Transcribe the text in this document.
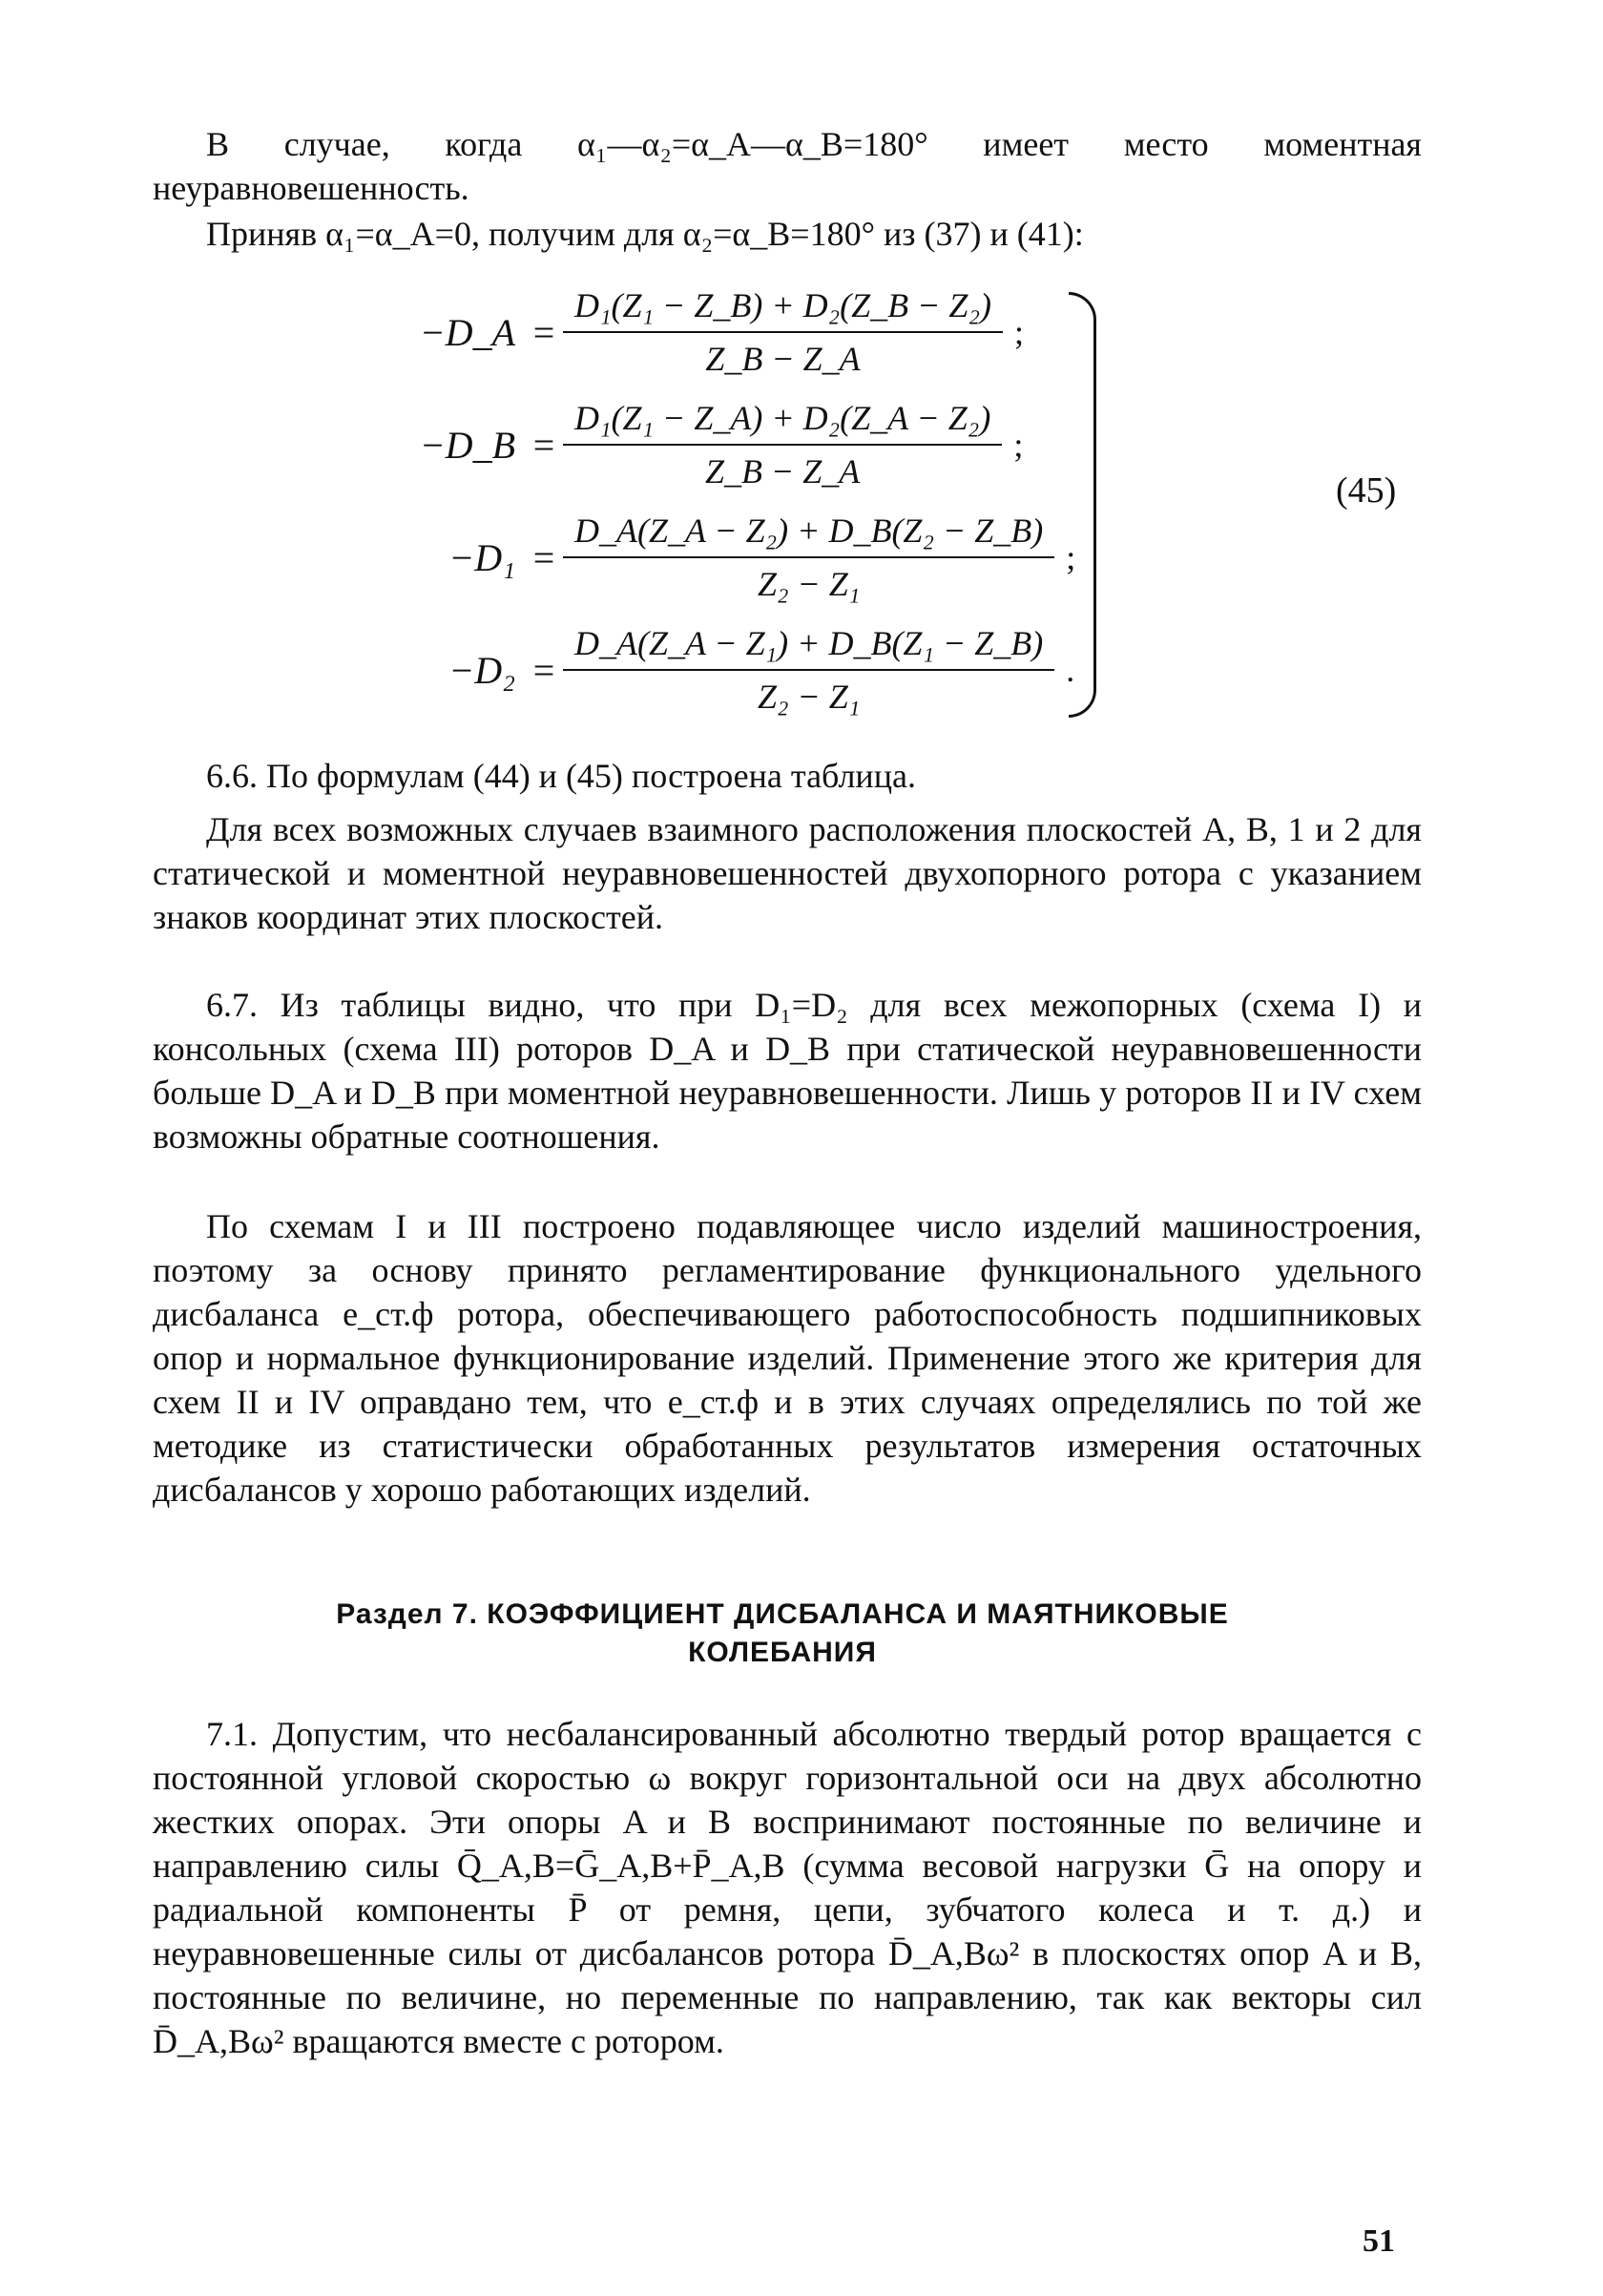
В случае, когда α₁—α₂=α_A—α_B=180° имеет место моментная неуравновешенность.

Приняв α₁=α_A=0, получим для α₂=α_B=180° из (37) и (41):

−D_A = $\frac{\text{D₁(Z₁ − Z\_B) + D₂(Z\_B − Z₂)}}{Z\_B - Z\_A}$ ;
−D_B = $\frac{\text{D₁(Z₁ − Z\_A) + D₂(Z\_A − Z₂)}}{Z\_B - Z\_A}$ ;
$-D_1 = \frac{\text{D\_A(Z\_A − Z₂) + D\_B(Z₂ − Z\_B)}}{\text{Z₂ − Z₁}}$ ;
$-D_2 = \frac{\text{D\_A(Z\_A − Z₁) + D\_B(Z₁ − Z\_B)}}{\text{Z₂ − Z₁}}$ .
(45)

6.6. По формулам (44) и (45) построена таблица.

Для всех возможных случаев взаимного расположения плоскостей A, B, 1 и 2 для статической и моментной неуравновешенностей двухопорного ротора с указанием знаков координат этих плоскостей.

6.7. Из таблицы видно, что при D₁=D₂ для всех межопорных (схема I) и консольных (схема III) роторов D_A и D_B при статической неуравновешенности больше D_A и D_B при моментной неуравновешенности. Лишь у роторов II и IV схем возможны обратные соотношения.

По схемам I и III построено подавляющее число изделий машиностроения, поэтому за основу принято регламентирование функционального удельного дисбаланса e_ст.ф ротора, обеспечивающего работоспособность подшипниковых опор и нормальное функционирование изделий. Применение этого же критерия для схем II и IV оправдано тем, что e_ст.ф и в этих случаях определялись по той же методике из статистически обработанных результатов измерения остаточных дисбалансов у хорошо работающих изделий.

Раздел 7. КОЭФФИЦИЕНТ ДИСБАЛАНСА И МАЯТНИКОВЫЕ КОЛЕБАНИЯ

7.1. Допустим, что несбалансированный абсолютно твердый ротор вращается с постоянной угловой скоростью ω вокруг горизонтальной оси на двух абсолютно жестких опорах. Эти опоры A и B воспринимают постоянные по величине и направлению силы Q̄_A,B=Ḡ_A,B+P̄_A,B (сумма весовой нагрузки Ḡ на опору и радиальной компоненты P̄ от ремня, цепи, зубчатого колеса и т. д.) и неуравновешенные силы от дисбалансов ротора D̄_A,Bω² в плоскостях опор A и B, постоянные по величине, но переменные по направлению, так как векторы сил D̄_A,Bω² вращаются вместе с ротором.

51
